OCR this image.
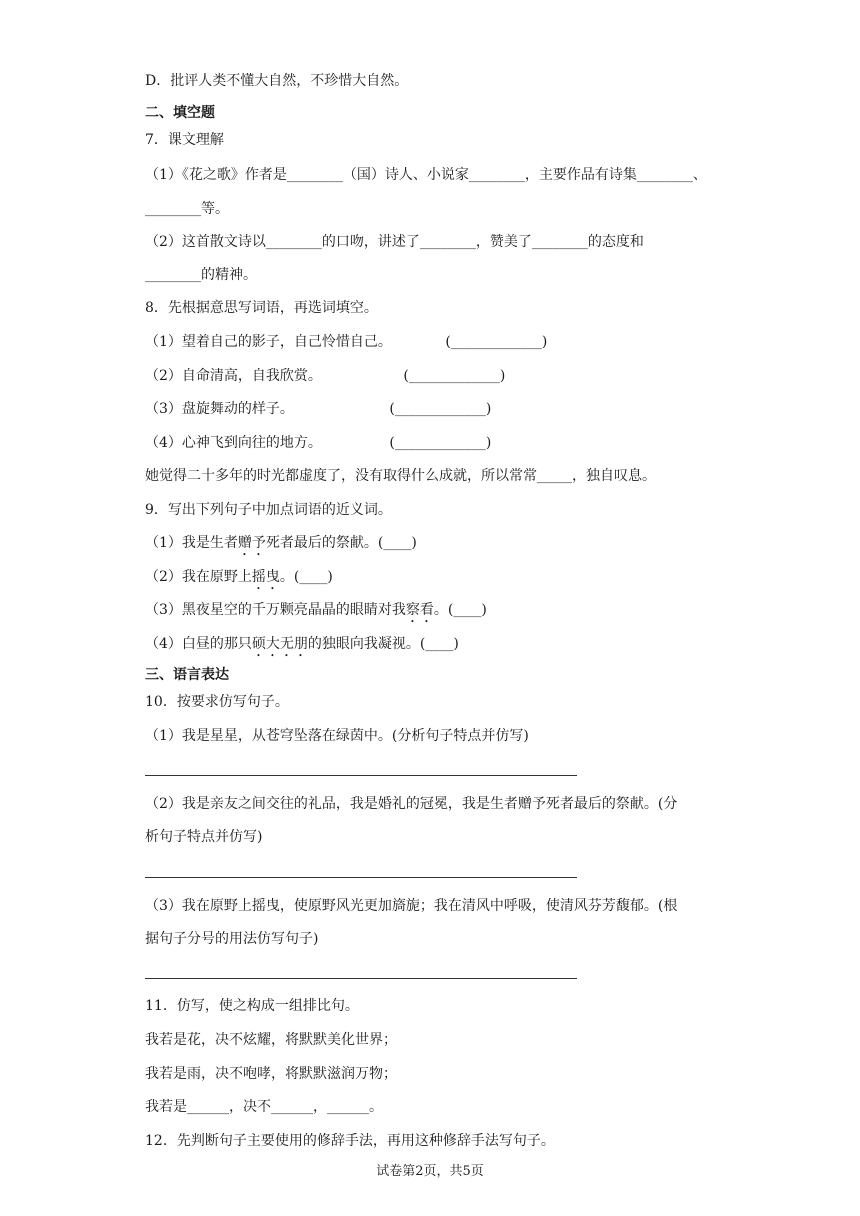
D．批评人类不懂大自然，不珍惜大自然。
二、填空题
7．课文理解
（1）《花之歌》作者是________（国）诗人、小说家________，主要作品有诗集________、
________等。
（2）这首散文诗以________的口吻，讲述了________，赞美了________的态度和
________的精神。
8．先根据意思写词语，再选词填空。
（1）望着自己的影子，自己怜惜自己。　　　　 (_____________)
（2）自命清高，自我欣赏。　　　　　　 (_____________)
（3）盘旋舞动的样子。　　　　　　　 (_____________)
（4）心神飞到向往的地方。　　　　　 (_____________)
她觉得二十多年的时光都虚度了，没有取得什么成就，所以常常_____，独自叹息。
9．写出下列句子中加点词语的近义词。
（1）我是生者赠予死者最后的祭献。(____)
（2）我在原野上摇曳。(____)
（3）黑夜星空的千万颗亮晶晶的眼睛对我察看。(____)
（4）白昼的那只硕大无朋的独眼向我凝视。(____)
三、语言表达
10．按要求仿写句子。
（1）我是星星，从苍穹坠落在绿茵中。(分析句子特点并仿写)
（2）我是亲友之间交往的礼品，我是婚礼的冠冕，我是生者赠予死者最后的祭献。(分
析句子特点并仿写)
（3）我在原野上摇曳，使原野风光更加旖旎；我在清风中呼吸，使清风芬芳馥郁。(根
据句子分号的用法仿写句子)
11．仿写，使之构成一组排比句。
我若是花，决不炫耀，将默默美化世界；
我若是雨，决不咆哮，将默默滋润万物；
我若是______，决不______，______。
12．先判断句子主要使用的修辞手法，再用这种修辞手法写句子。
试卷第2页，共5页
